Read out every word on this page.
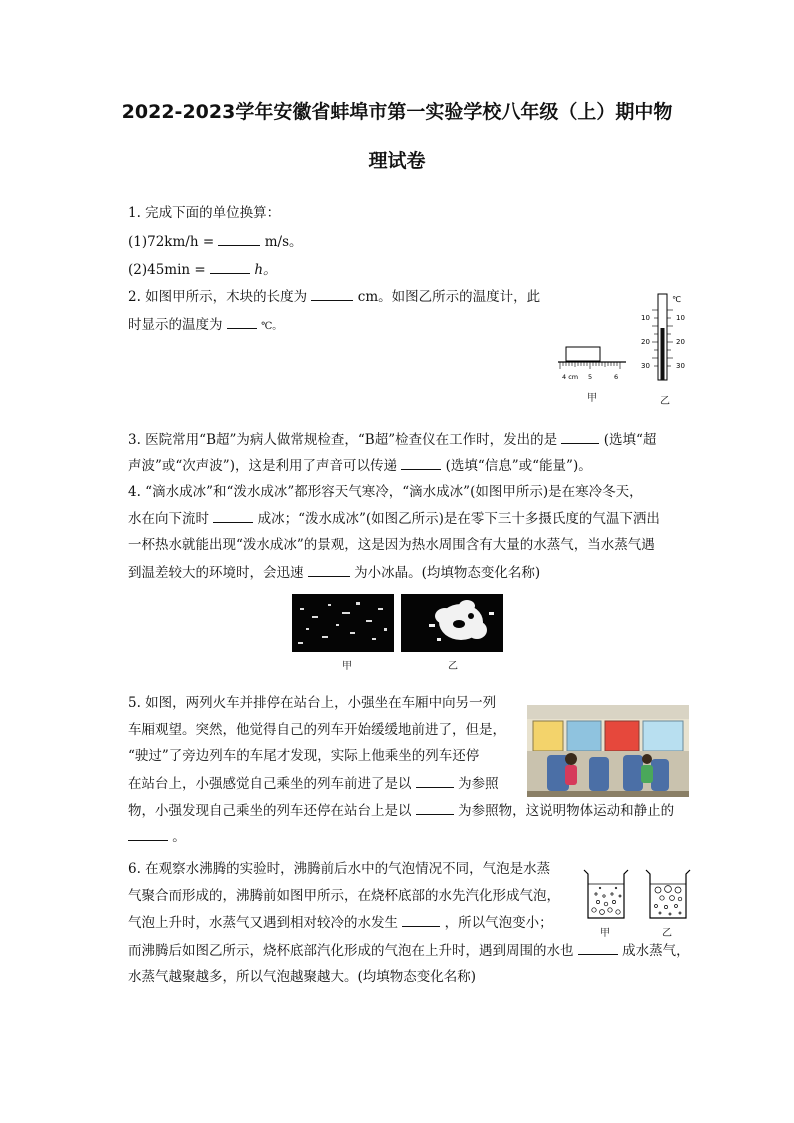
2022-2023学年安徽省蚌埠市第一实验学校八年级（上）期中物
理试卷
1. 完成下面的单位换算：
(1)72km/h =	m/s。
(2)45min =	h。
2. 如图甲所示，木块的长度为	cm。如图乙所示的温度计，此
时显示的温度为	℃。
4 cm 5	6
甲
℃
10
20
30
10
20
30
乙
3. 医院常用“B超”为病人做常规检查，“B超”检查仪在工作时，发出的是	(选填“超
声波”或“次声波”)，这是利用了声音可以传递	(选填“信息”或“能量”)。
4. “滴水成冰”和“泼水成冰”都形容天气寒冷，“滴水成冰”(如图甲所示)是在寒冷冬天，
水在向下流时	成冰；“泼水成冰”(如图乙所示)是在零下三十多摄氏度的气温下洒出
一杯热水就能出现“泼水成冰”的景观，这是因为热水周围含有大量的水蒸气，当水蒸气遇
到温差较大的环境时，会迅速	为小冰晶。(均填物态变化名称)
甲	乙
5. 如图，两列火车并排停在站台上，小强坐在车厢中向另一列
车厢观望。突然，他觉得自己的列车开始缓缓地前进了，但是，
“驶过”了旁边列车的车尾才发现，实际上他乘坐的列车还停
在站台上，小强感觉自己乘坐的列车前进了是以	为参照
物，小强发现自己乘坐的列车还停在站台上是以	为参照物，这说明物体运动和静止的
。
6. 在观察水沸腾的实验时，沸腾前后水中的气泡情况不同，气泡是水蒸
气聚合而形成的，沸腾前如图甲所示，在烧杯底部的水先汽化形成气泡，
气泡上升时，水蒸气又遇到相对较冷的水发生	，所以气泡变小；
而沸腾后如图乙所示，烧杯底部汽化形成的气泡在上升时，遇到周围的水也	成水蒸气，
水蒸气越聚越多，所以气泡越聚越大。(均填物态变化名称)
甲	乙
